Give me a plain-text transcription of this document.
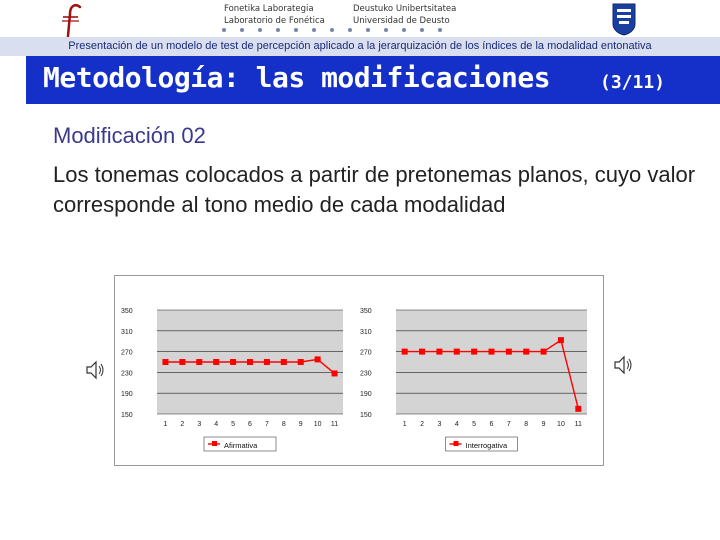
Fonetika Laborategia
Laboratorio de Fonética
Deustuko Unibertsitatea
Universidad de Deusto
Presentación de un modelo de test de percepción aplicado a la jerarquización de los índices de la modalidad entonativa
Metodología: las modificaciones	(3/11)
Modificación 02
Los tonemas colocados a partir de pretonemas planos, cuyo valor corresponde al tono medio de cada modalidad
150
190
230
270
310
350
1 2 3 4 5 6 7 8 9 10 11
Afirmativa
150
190
230
270
310
350
1 2 3 4 5 6 7 8 9 10 11
Interrogativa
